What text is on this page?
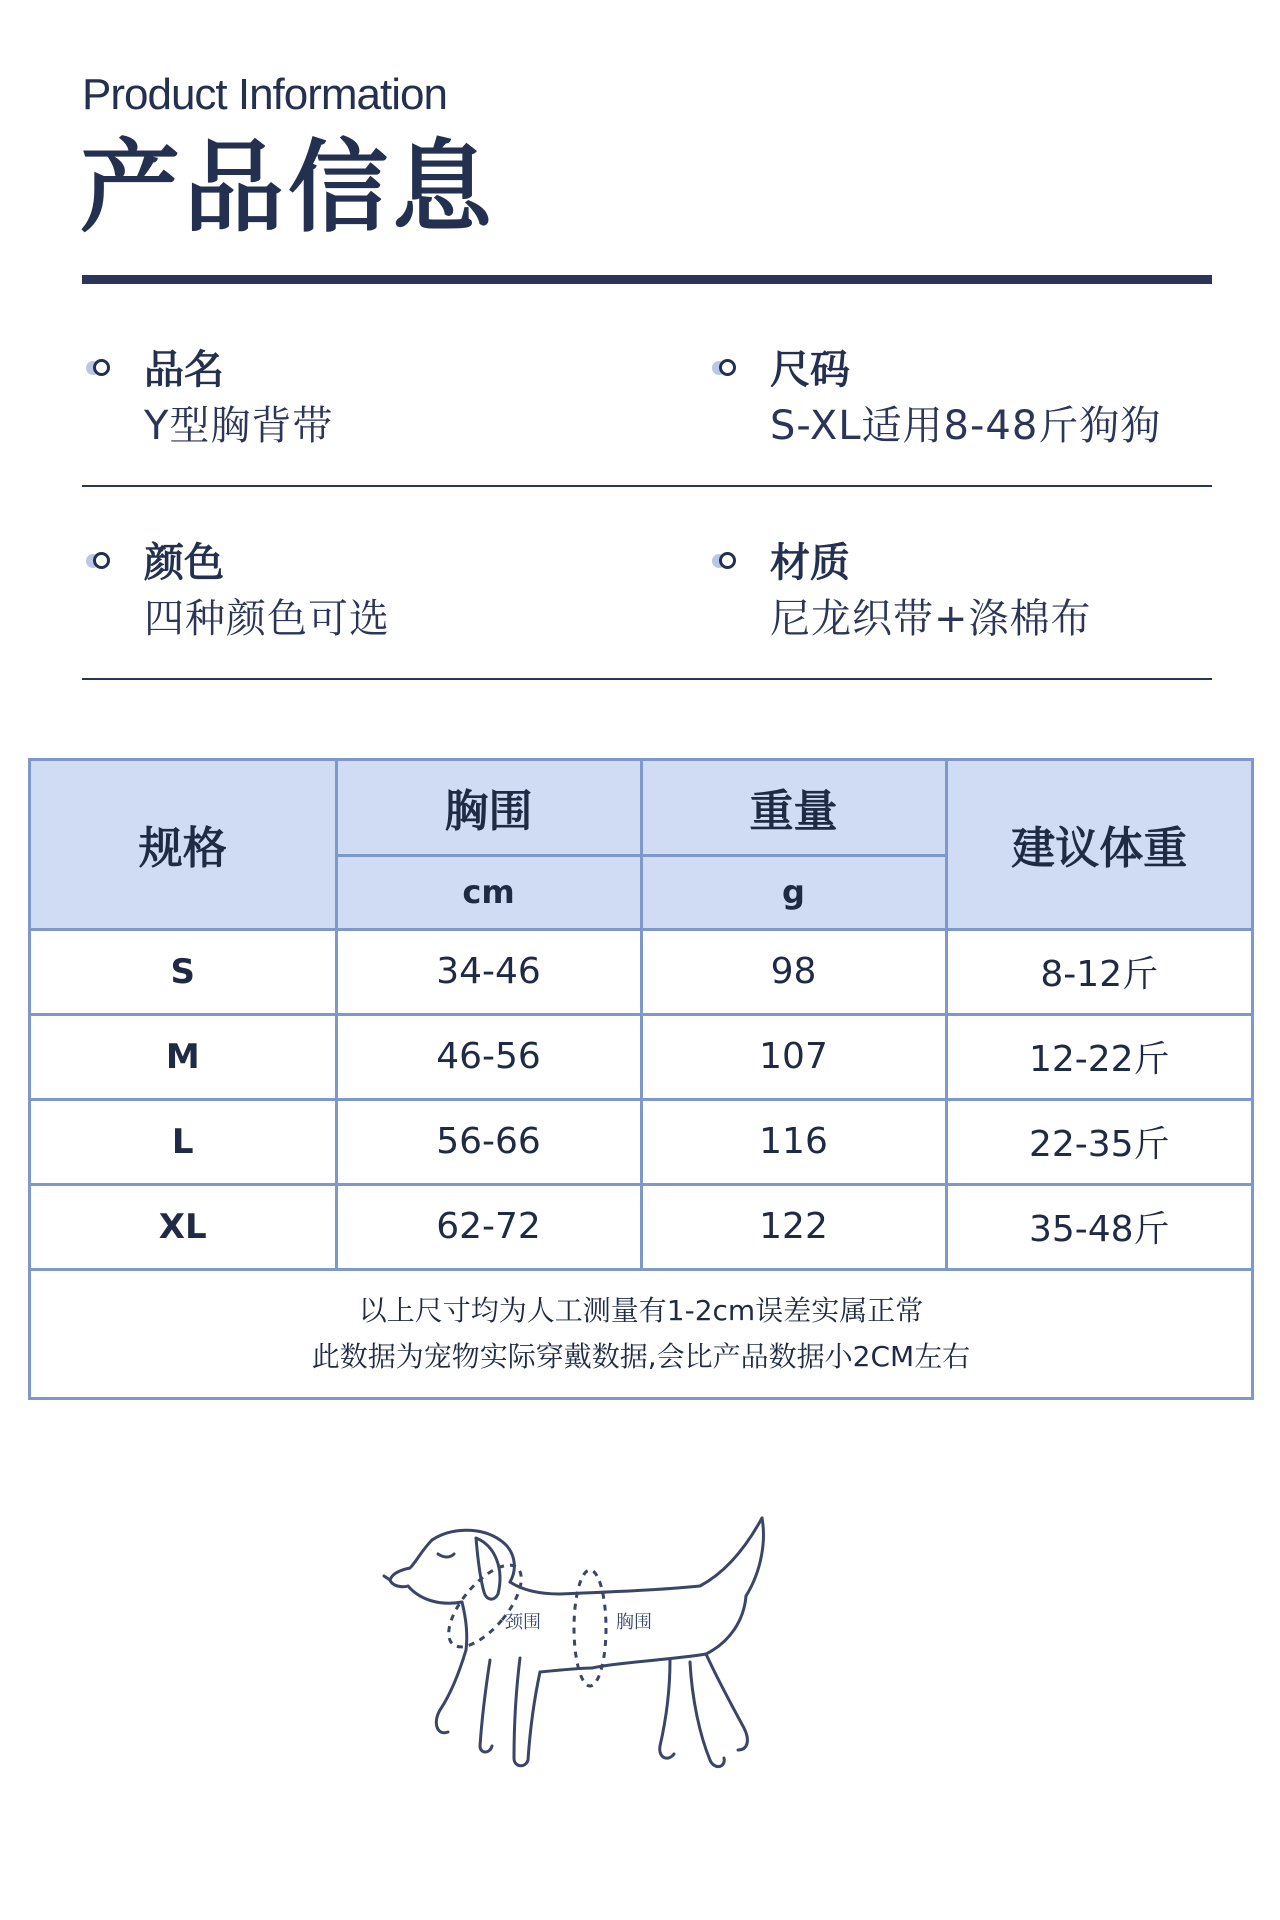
Product Information
产品信息
品名
Y型胸背带
尺码
S-XL适用8-48斤狗狗
颜色
四种颜色可选
材质
尼龙织带+涤棉布
规格	胸围	重量	建议体重
	cm	g	
S	34-46	98	8-12斤
M	46-56	107	12-22斤
L	56-66	116	22-35斤
XL	62-72	122	35-48斤

以上尺寸均为人工测量有1-2cm误差实属正常
此数据为宠物实际穿戴数据,会比产品数据小2CM左右			
颈围	胸围
